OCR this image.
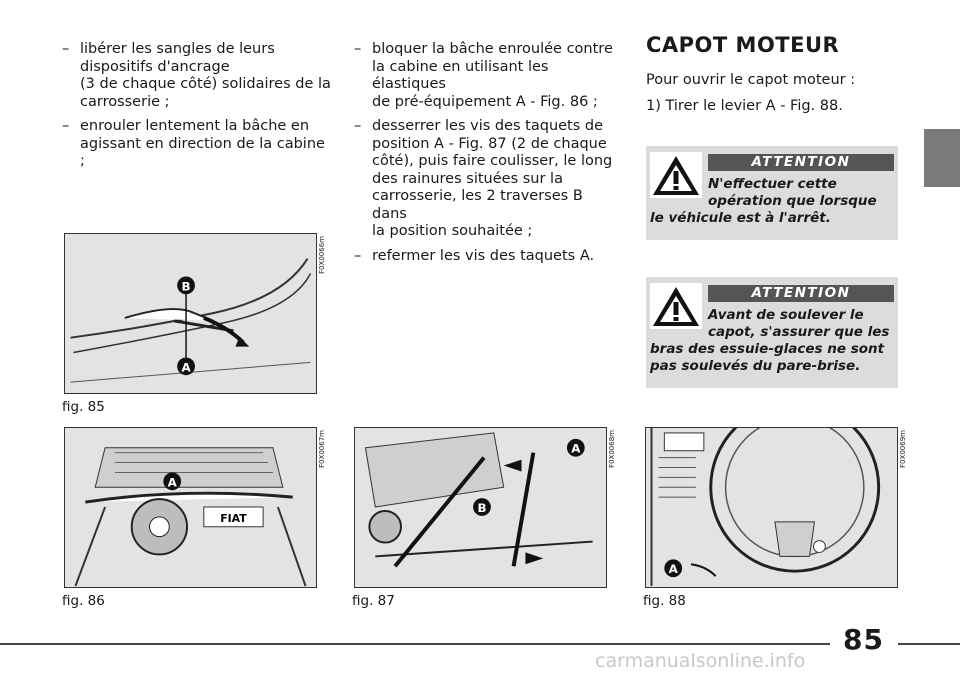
– libérer les sangles de leurs
dispositifs d'ancrage
(3 de chaque côté) solidaires de la
carrosserie ;
– enrouler lentement la bâche en
agissant en direction de la cabine ;
– bloquer la bâche enroulée contre
la cabine en utilisant les élastiques
de pré-équipement A - Fig. 86 ;
– desserrer les vis des taquets de
position A - Fig. 87 (2 de chaque
côté), puis faire coulisser, le long
des rainures situées sur la
carrosserie, les 2 traverses B dans
la position souhaitée ;
– refermer les vis des taquets A.
CAPOT MOTEUR

Pour ouvrir le capot moteur :

1) Tirer le levier A - Fig. 88.

ATTENTION
N'effectuer cette
opération que lorsque
le véhicule est à l'arrêt.
ATTENTION
Avant de soulever le
capot, s'assurer que les
bras des essuie-glaces ne sont pas soulevés du pare-brise.
B
A
F0X0066m
fig. 85
FIAT
A
F0X0067m
fig. 86
A
B
F0X0068m
fig. 87
A
F0X0069m
fig. 88
85
carmanualsonline.info
